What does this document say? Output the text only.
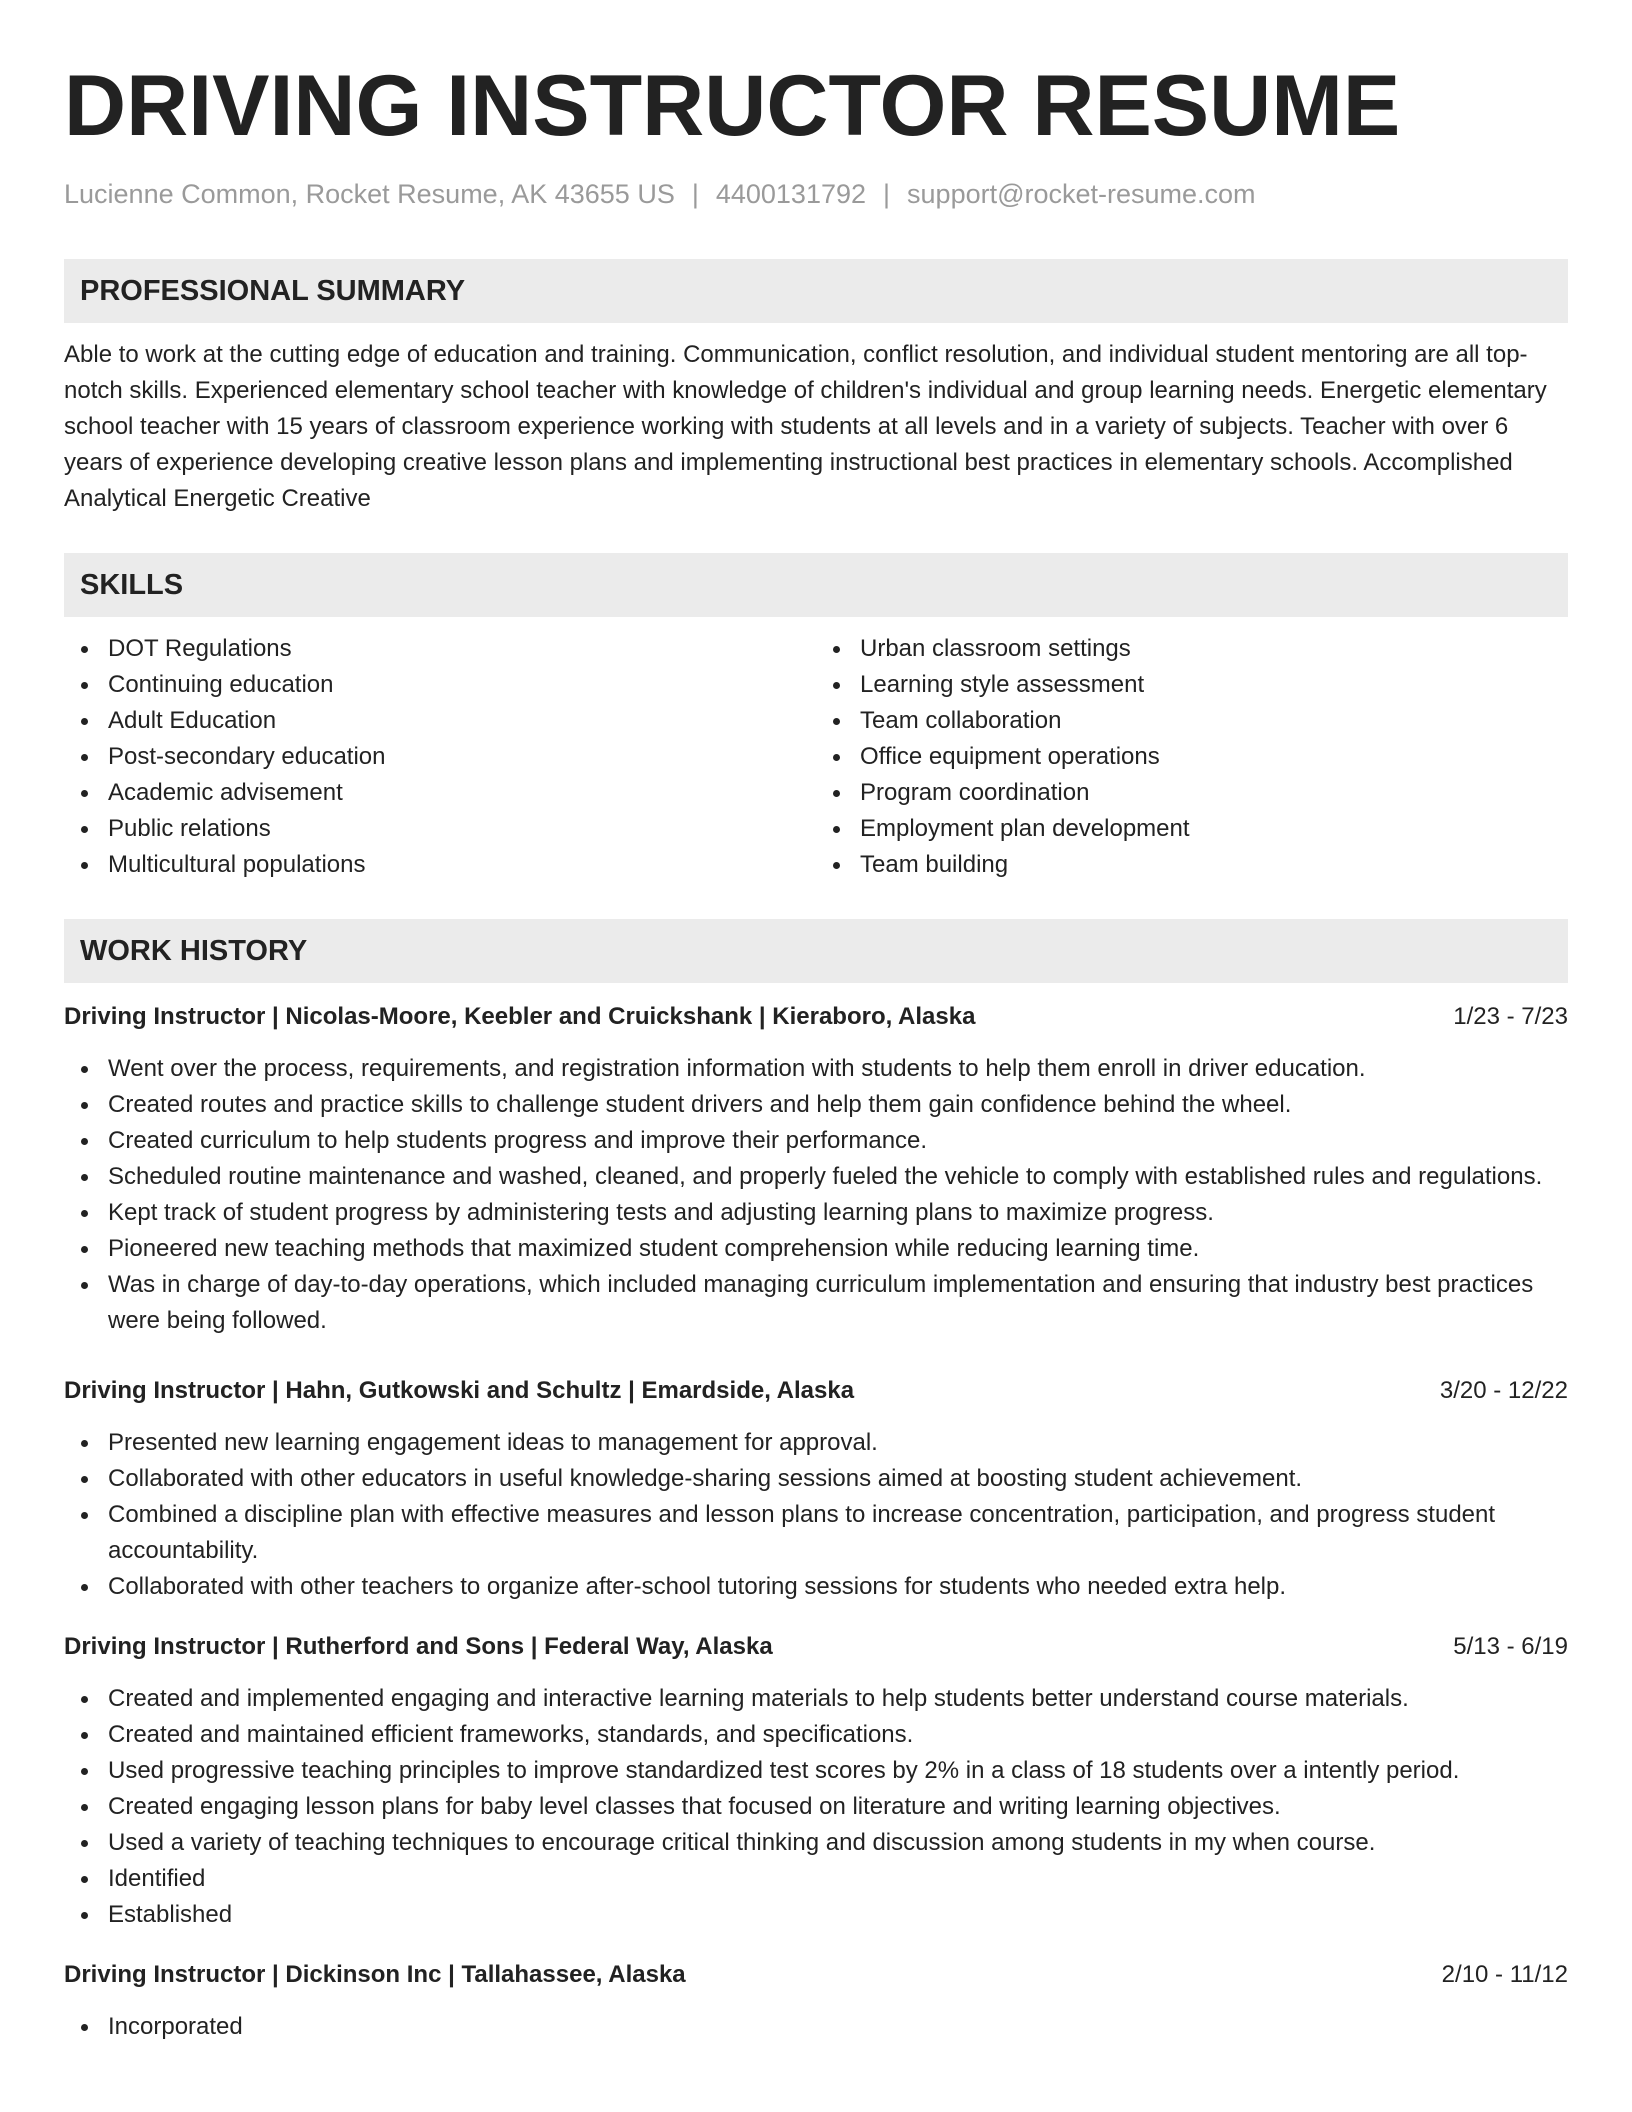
DRIVING INSTRUCTOR RESUME
Lucienne Common, Rocket Resume, AK 43655 US | 4400131792 | support@rocket-resume.com
PROFESSIONAL SUMMARY
Able to work at the cutting edge of education and training. Communication, conflict resolution, and individual student mentoring are all top-notch skills. Experienced elementary school teacher with knowledge of children's individual and group learning needs. Energetic elementary school teacher with 15 years of classroom experience working with students at all levels and in a variety of subjects. Teacher with over 6 years of experience developing creative lesson plans and implementing instructional best practices in elementary schools. Accomplished Analytical Energetic Creative
SKILLS
DOT Regulations
Continuing education
Adult Education
Post-secondary education
Academic advisement
Public relations
Multicultural populations
Urban classroom settings
Learning style assessment
Team collaboration
Office equipment operations
Program coordination
Employment plan development
Team building
WORK HISTORY
Driving Instructor | Nicolas-Moore, Keebler and Cruickshank | Kieraboro, Alaska	1/23 - 7/23
Went over the process, requirements, and registration information with students to help them enroll in driver education.
Created routes and practice skills to challenge student drivers and help them gain confidence behind the wheel.
Created curriculum to help students progress and improve their performance.
Scheduled routine maintenance and washed, cleaned, and properly fueled the vehicle to comply with established rules and regulations.
Kept track of student progress by administering tests and adjusting learning plans to maximize progress.
Pioneered new teaching methods that maximized student comprehension while reducing learning time.
Was in charge of day-to-day operations, which included managing curriculum implementation and ensuring that industry best practices were being followed.
Driving Instructor | Hahn, Gutkowski and Schultz | Emardside, Alaska	3/20 - 12/22
Presented new learning engagement ideas to management for approval.
Collaborated with other educators in useful knowledge-sharing sessions aimed at boosting student achievement.
Combined a discipline plan with effective measures and lesson plans to increase concentration, participation, and progress student accountability.
Collaborated with other teachers to organize after-school tutoring sessions for students who needed extra help.
Driving Instructor | Rutherford and Sons | Federal Way, Alaska	5/13 - 6/19
Created and implemented engaging and interactive learning materials to help students better understand course materials.
Created and maintained efficient frameworks, standards, and specifications.
Used progressive teaching principles to improve standardized test scores by 2% in a class of 18 students over a intently period.
Created engaging lesson plans for baby level classes that focused on literature and writing learning objectives.
Used a variety of teaching techniques to encourage critical thinking and discussion among students in my when course.
Identified
Established
Driving Instructor | Dickinson Inc | Tallahassee, Alaska	2/10 - 11/12
Incorporated
